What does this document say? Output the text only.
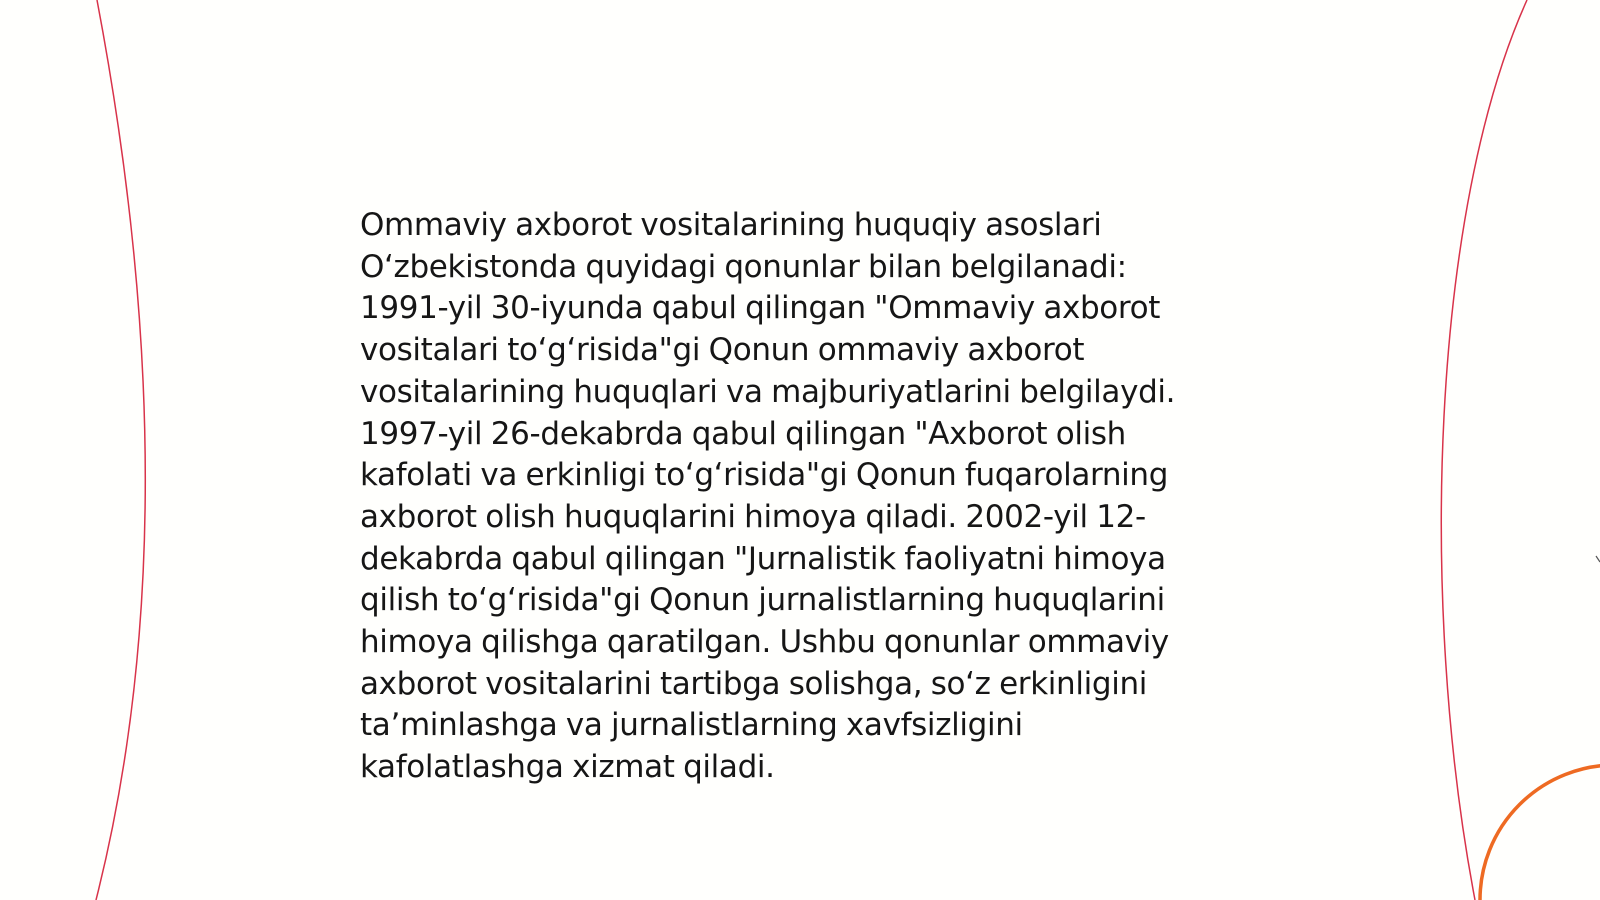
Ommaviy axborot vositalarining huquqiy asoslari
O‘zbekistonda quyidagi qonunlar bilan belgilanadi:
1991-yil 30-iyunda qabul qilingan "Ommaviy axborot
vositalari to‘g‘risida"gi Qonun ommaviy axborot
vositalarining huquqlari va majburiyatlarini belgilaydi.
1997-yil 26-dekabrda qabul qilingan "Axborot olish
kafolati va erkinligi to‘g‘risida"gi Qonun fuqarolarning
axborot olish huquqlarini himoya qiladi. 2002-yil 12-
dekabrda qabul qilingan "Jurnalistik faoliyatni himoya
qilish to‘g‘risida"gi Qonun jurnalistlarning huquqlarini
himoya qilishga qaratilgan. Ushbu qonunlar ommaviy
axborot vositalarini tartibga solishga, so‘z erkinligini
ta’minlashga va jurnalistlarning xavfsizligini
kafolatlashga xizmat qiladi.
